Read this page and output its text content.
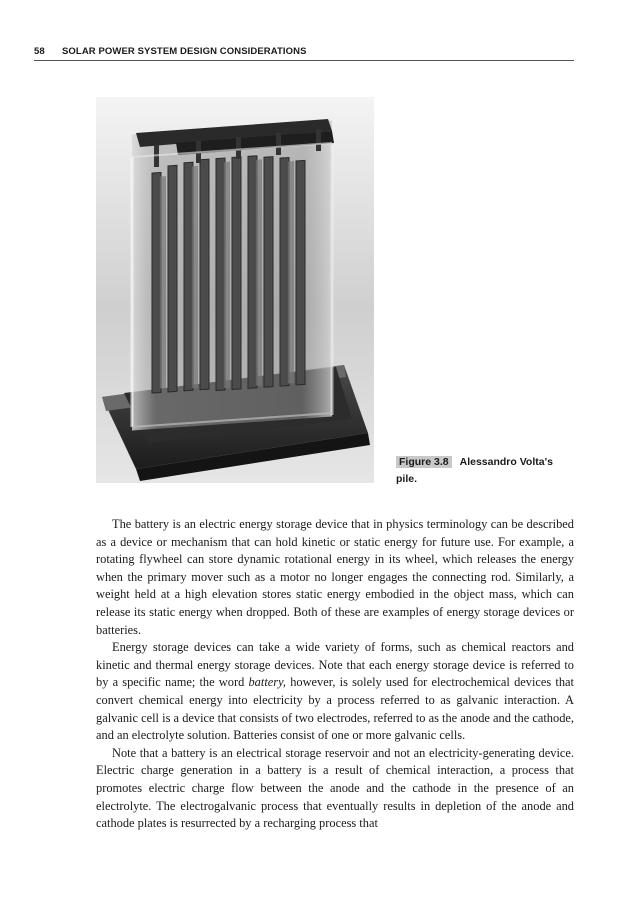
58 SOLAR POWER SYSTEM DESIGN CONSIDERATIONS
Figure 3.8 Alessandro Volta's pile.

The battery is an electric energy storage device that in physics terminology can be described as a device or mechanism that can hold kinetic or static energy for future use. For example, a rotating flywheel can store dynamic rotational energy in its wheel, which releases the energy when the primary mover such as a motor no longer engages the connecting rod. Similarly, a weight held at a high elevation stores static energy embodied in the object mass, which can release its static energy when dropped. Both of these are examples of energy storage devices or batteries.

Energy storage devices can take a wide variety of forms, such as chemical reactors and kinetic and thermal energy storage devices. Note that each energy storage device is referred to by a specific name; the word battery, however, is solely used for electrochemical devices that convert chemical energy into electricity by a process referred to as galvanic interaction. A galvanic cell is a device that consists of two electrodes, referred to as the anode and the cathode, and an electrolyte solution. Batteries consist of one or more galvanic cells.

Note that a battery is an electrical storage reservoir and not an electricity-generating device. Electric charge generation in a battery is a result of chemical interaction, a process that promotes electric charge flow between the anode and the cathode in the presence of an electrolyte. The electrogalvanic process that eventually results in depletion of the anode and cathode plates is resurrected by a recharging process that
